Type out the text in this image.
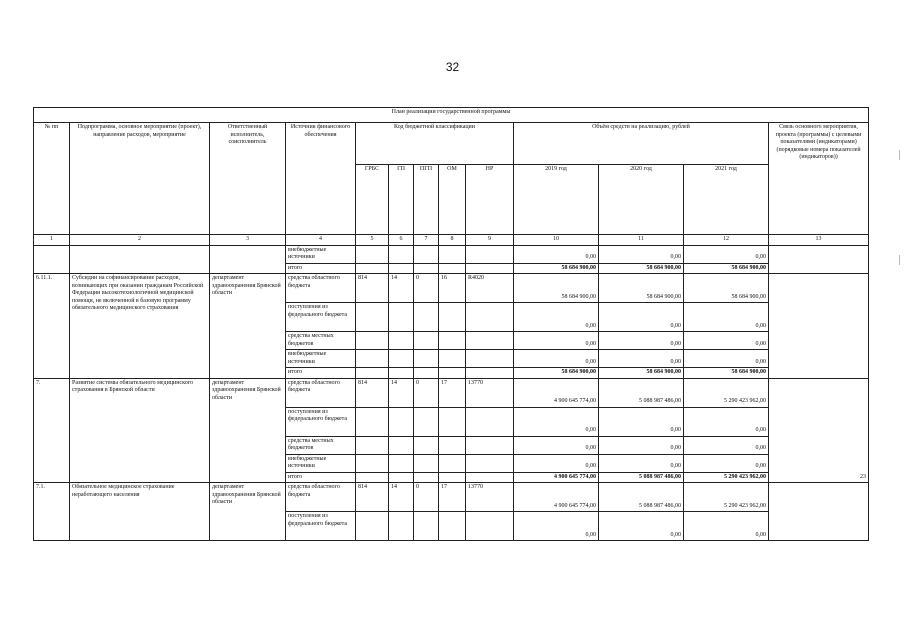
32
План реализации государственной программы												
№ пп	Подпрограмма, основное мероприятие (проект), направление расходов, мероприятие	Ответственный исполнитель, соисполнитель	Источник финансового обеспечения	Код бюджетной классификации					Объём средств на реализацию, рублей			Связь основного мероприятия, проекта (программы) с целевыми показателями (индикаторами) (порядковые номера показателей (индикаторов))
				ГРБС	ГП	ПГП	ОМ	НР	2019 год	2020 год	2021 год	
1	2	3	4	5	6	7	8	9	10	11	12	13
			внебюджетные источники						0,00	0,00	0,00	
			итого						58 684 900,00	58 684 900,00	58 684 900,00	
6.11.1.	Субсидии на софинансирование расходов, возникающих при оказании гражданам Российской Федерации высокотехнологичной медицинской помощи, не включенной в базовую программу обязательного медицинского страхования	департамент здравоохранения Брянской области	средства областного бюджета	814	14	0	16	R4020	58 684 900,00	58 684 900,00	58 684 900,00	
			поступления из федерального бюджета						0,00	0,00	0,00	
			средства местных бюджетов						0,00	0,00	0,00	
			внебюджетные источники						0,00	0,00	0,00	
			итого						58 684 900,00	58 684 900,00	58 684 900,00	
7.	Развитие системы обязательного медицинского страхования в Брянской области	департамент здравоохранения Брянской области	средства областного бюджета	814	14	0	17	13770	4 900 645 774,00	5 088 987 486,00	5 290 423 962,00	23
			поступления из федерального бюджета						0,00	0,00	0,00	
			средства местных бюджетов						0,00	0,00	0,00	
			внебюджетные источники						0,00	0,00	0,00	
			итого						4 900 645 774,00	5 088 987 486,00	5 290 423 962,00	
7.1.	Обязательное медицинское страхование неработающего населения	департамент здравоохранения Брянской области	средства областного бюджета	814	14	0	17	13770	4 900 645 774,00	5 088 987 486,00	5 290 423 962,00	
			поступления из федерального бюджета						0,00	0,00	0,00	
